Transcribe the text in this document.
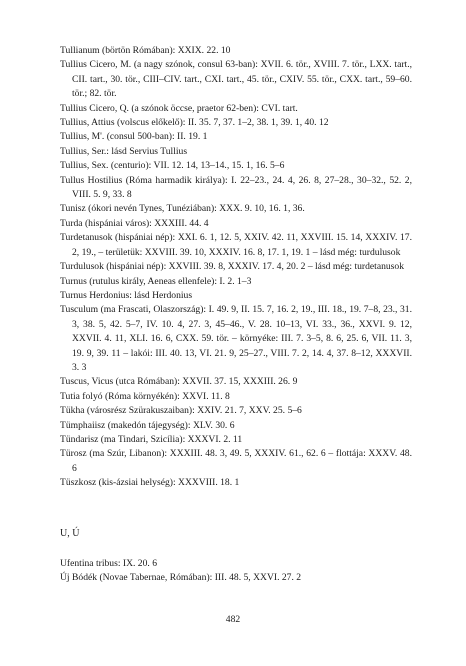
Tullianum (börtön Rómában): XXIX. 22. 10

Tullius Cicero, M. (a nagy szónok, consul 63-ban): XVII. 6. tör., XVIII. 7. tör., LXX. tart., CII. tart., 30. tör., CIII–CIV. tart., CXI. tart., 45. tör., CXIV. 55. tör., CXX. tart., 59–60. tör.; 82. tör.

Tullius Cicero, Q. (a szónok öccse, praetor 62-ben): CVI. tart.

Tullius, Attius (volscus előkelő): II. 35. 7, 37. 1–2, 38. 1, 39. 1, 40. 12

Tullius, M'. (consul 500-ban): II. 19. 1

Tullius, Ser.: lásd Servius Tullius

Tullius, Sex. (centurio): VII. 12. 14, 13–14., 15. 1, 16. 5–6

Tullus Hostilius (Róma harmadik királya): I. 22–23., 24. 4, 26. 8, 27–28., 30–32., 52. 2, VIII. 5. 9, 33. 8

Tunisz (ókori nevén Tynes, Tunéziában): XXX. 9. 10, 16. 1, 36.

Turda (hispániai város): XXXIII. 44. 4

Turdetanusok (hispániai nép): XXI. 6. 1, 12. 5, XXIV. 42. 11, XXVIII. 15. 14, XXXIV. 17. 2, 19., – területük: XXVIII. 39. 10, XXXIV. 16. 8, 17. 1, 19. 1 – lásd még: turdulusok

Turdulusok (hispániai nép): XXVIII. 39. 8, XXXIV. 17. 4, 20. 2 – lásd még: turdetanusok

Turnus (rutulus király, Aeneas ellenfele): I. 2. 1–3

Turnus Herdonius: lásd Herdonius

Tusculum (ma Frascati, Olaszország): I. 49. 9, II. 15. 7, 16. 2, 19., III. 18., 19. 7–8, 23., 31. 3, 38. 5, 42. 5–7, IV. 10. 4, 27. 3, 45–46., V. 28. 10–13, VI. 33., 36., XXVI. 9. 12, XXVII. 4. 11, XLI. 16. 6, CXX. 59. tör. – környéke: III. 7. 3–5, 8. 6, 25. 6, VII. 11. 3, 19. 9, 39. 11 – lakói: III. 40. 13, VI. 21. 9, 25–27., VIII. 7. 2, 14. 4, 37. 8–12, XXXVII. 3. 3

Tuscus, Vicus (utca Rómában): XXVII. 37. 15, XXXIII. 26. 9

Tutia folyó (Róma környékén): XXVI. 11. 8

Tükha (városrész Szürakuszaiban): XXIV. 21. 7, XXV. 25. 5–6

Tümphaiisz (makedón tájegység): XLV. 30. 6

Tündarisz (ma Tindari, Szicília): XXXVI. 2. 11

Türosz (ma Szúr, Libanon): XXXIII. 48. 3, 49. 5, XXXIV. 61., 62. 6 – flottája: XXXV. 48. 6

Tüszkosz (kis-ázsiai helység): XXXVIII. 18. 1

U, Ú

Ufentina tribus: IX. 20. 6

Új Bódék (Novae Tabernae, Rómában): III. 48. 5, XXVI. 27. 2

482
